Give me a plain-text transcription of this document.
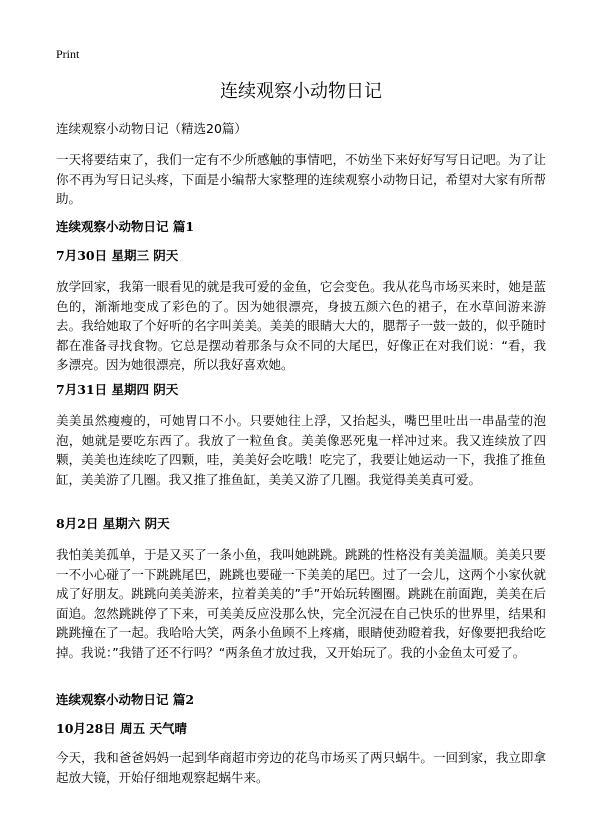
Print
连续观察小动物日记

连续观察小动物日记（精选20篇）

一天将要结束了，我们一定有不少所感触的事情吧，不妨坐下来好好写写日记吧。为了让你不再为写日记头疼，下面是小编帮大家整理的连续观察小动物日记，希望对大家有所帮助。

连续观察小动物日记 篇1
7月30日 星期三 阴天

放学回家，我第一眼看见的就是我可爱的金鱼，它会变色。我从花鸟市场买来时，她是蓝色的，渐渐地变成了彩色的了。因为她很漂亮，身披五颜六色的裙子，在水草间游来游去。我给她取了个好听的名字叫美美。美美的眼睛大大的，腮帮子一鼓一鼓的，似乎随时都在准备寻找食物。它总是摆动着那条与众不同的大尾巴，好像正在对我们说：“看，我多漂亮。因为她很漂亮，所以我好喜欢她。

7月31日 星期四 阴天

美美虽然瘦瘦的，可她胃口不小。只要她往上浮，又抬起头，嘴巴里吐出一串晶莹的泡泡，她就是要吃东西了。我放了一粒鱼食。美美像恶死鬼一样冲过来。我又连续放了四颗，美美也连续吃了四颗，哇，美美好会吃哦！吃完了，我要让她运动一下，我推了推鱼缸，美美游了几圈。我又推了推鱼缸，美美又游了几圈。我觉得美美真可爱。

8月2日 星期六 阴天

我怕美美孤单，于是又买了一条小鱼，我叫她跳跳。跳跳的性格没有美美温顺。美美只要一不小心碰了一下跳跳尾巴，跳跳也要碰一下美美的尾巴。过了一会儿，这两个小家伙就成了好朋友。跳跳向美美游来，拉着美美的”手”开始玩转圈圈。跳跳在前面跑，美美在后面追。忽然跳跳停了下来，可美美反应没那么快，完全沉浸在自己快乐的世界里，结果和跳跳撞在了一起。我哈哈大笑，两条小鱼顾不上疼痛，眼睛使劲瞪着我，好像要把我给吃掉。我说：”我错了还不行吗？“两条鱼才放过我，又开始玩了。我的小金鱼太可爱了。

连续观察小动物日记 篇2
10月28日 周五 天气晴

今天，我和爸爸妈妈一起到华商超市旁边的花鸟市场买了两只蜗牛。一回到家，我立即拿起放大镜，开始仔细地观察起蜗牛来。
